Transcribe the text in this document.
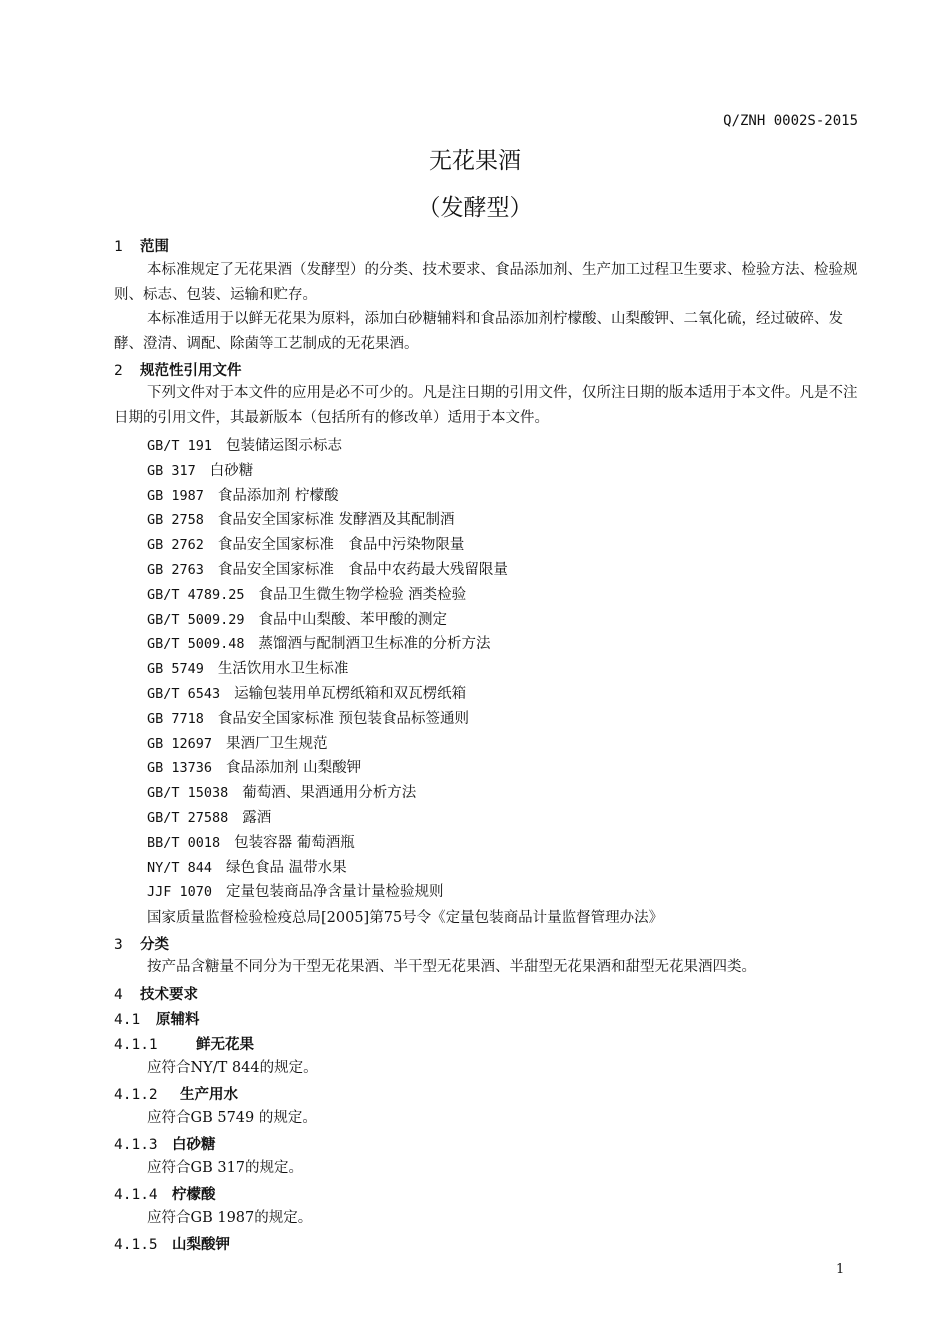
Q/ZNH 0002S-2015
无花果酒
（发酵型）
1 范围
本标准规定了无花果酒（发酵型）的分类、技术要求、食品添加剂、生产加工过程卫生要求、检验方法、检验规则、标志、包装、运输和贮存。
本标准适用于以鲜无花果为原料，添加白砂糖辅料和食品添加剂柠檬酸、山梨酸钾、二氧化硫，经过破碎、发酵、澄清、调配、除菌等工艺制成的无花果酒。
2 规范性引用文件
下列文件对于本文件的应用是必不可少的。凡是注日期的引用文件，仅所注日期的版本适用于本文件。凡是不注日期的引用文件，其最新版本（包括所有的修改单）适用于本文件。
GB/T 191 包装储运图示标志
GB 317 白砂糖
GB 1987 食品添加剂 柠檬酸
GB 2758 食品安全国家标准 发酵酒及其配制酒
GB 2762 食品安全国家标准　食品中污染物限量
GB 2763 食品安全国家标准　食品中农药最大残留限量
GB/T 4789.25 食品卫生微生物学检验 酒类检验
GB/T 5009.29 食品中山梨酸、苯甲酸的测定
GB/T 5009.48 蒸馏酒与配制酒卫生标准的分析方法
GB 5749 生活饮用水卫生标准
GB/T 6543 运输包装用单瓦楞纸箱和双瓦楞纸箱
GB 7718 食品安全国家标准 预包装食品标签通则
GB 12697 果酒厂卫生规范
GB 13736 食品添加剂 山梨酸钾
GB/T 15038 葡萄酒、果酒通用分析方法
GB/T 27588 露酒
BB/T 0018 包装容器 葡萄酒瓶
NY/T 844 绿色食品 温带水果
JJF 1070 定量包装商品净含量计量检验规则
国家质量监督检验检疫总局[2005]第75号令《定量包装商品计量监督管理办法》
3 分类
按产品含糖量不同分为干型无花果酒、半干型无花果酒、半甜型无花果酒和甜型无花果酒四类。
4 技术要求
4.1 原辅料
4.1.1	鲜无花果
应符合NY/T 844的规定。
4.1.2 生产用水
应符合GB 5749 的规定。
4.1.3 白砂糖
应符合GB 317的规定。
4.1.4 柠檬酸
应符合GB 1987的规定。
4.1.5 山梨酸钾
1
